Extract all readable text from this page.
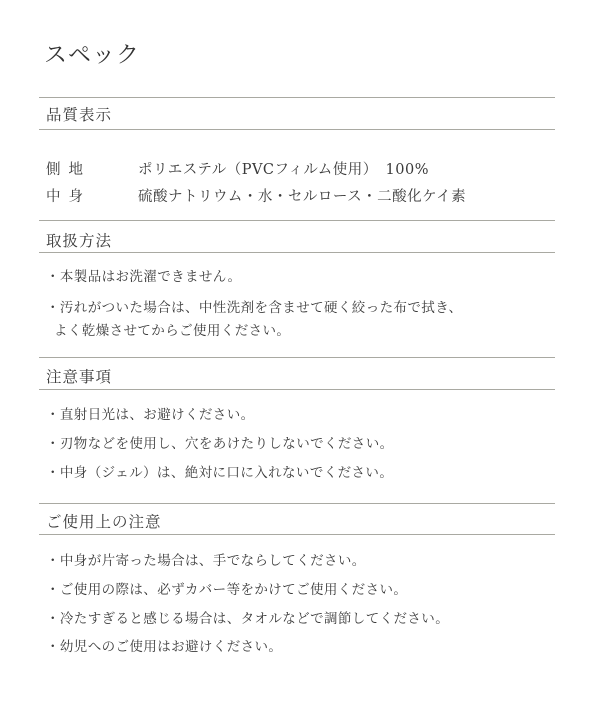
スペック
品質表示
側地	ポリエステル（PVCフィルム使用）　100%
中身	硫酸ナトリウム・水・セルロース・二酸化ケイ素
取扱方法
・本製品はお洗濯できません。
・汚れがついた場合は、中性洗剤を含ませて硬く絞った布で拭き、
よく乾燥させてからご使用ください。
注意事項
・直射日光は、お避けください。
・刃物などを使用し、穴をあけたりしないでください。
・中身（ジェル）は、絶対に口に入れないでください。
ご使用上の注意
・中身が片寄った場合は、手でならしてください。
・ご使用の際は、必ずカバー等をかけてご使用ください。
・冷たすぎると感じる場合は、タオルなどで調節してください。
・幼児へのご使用はお避けください。
